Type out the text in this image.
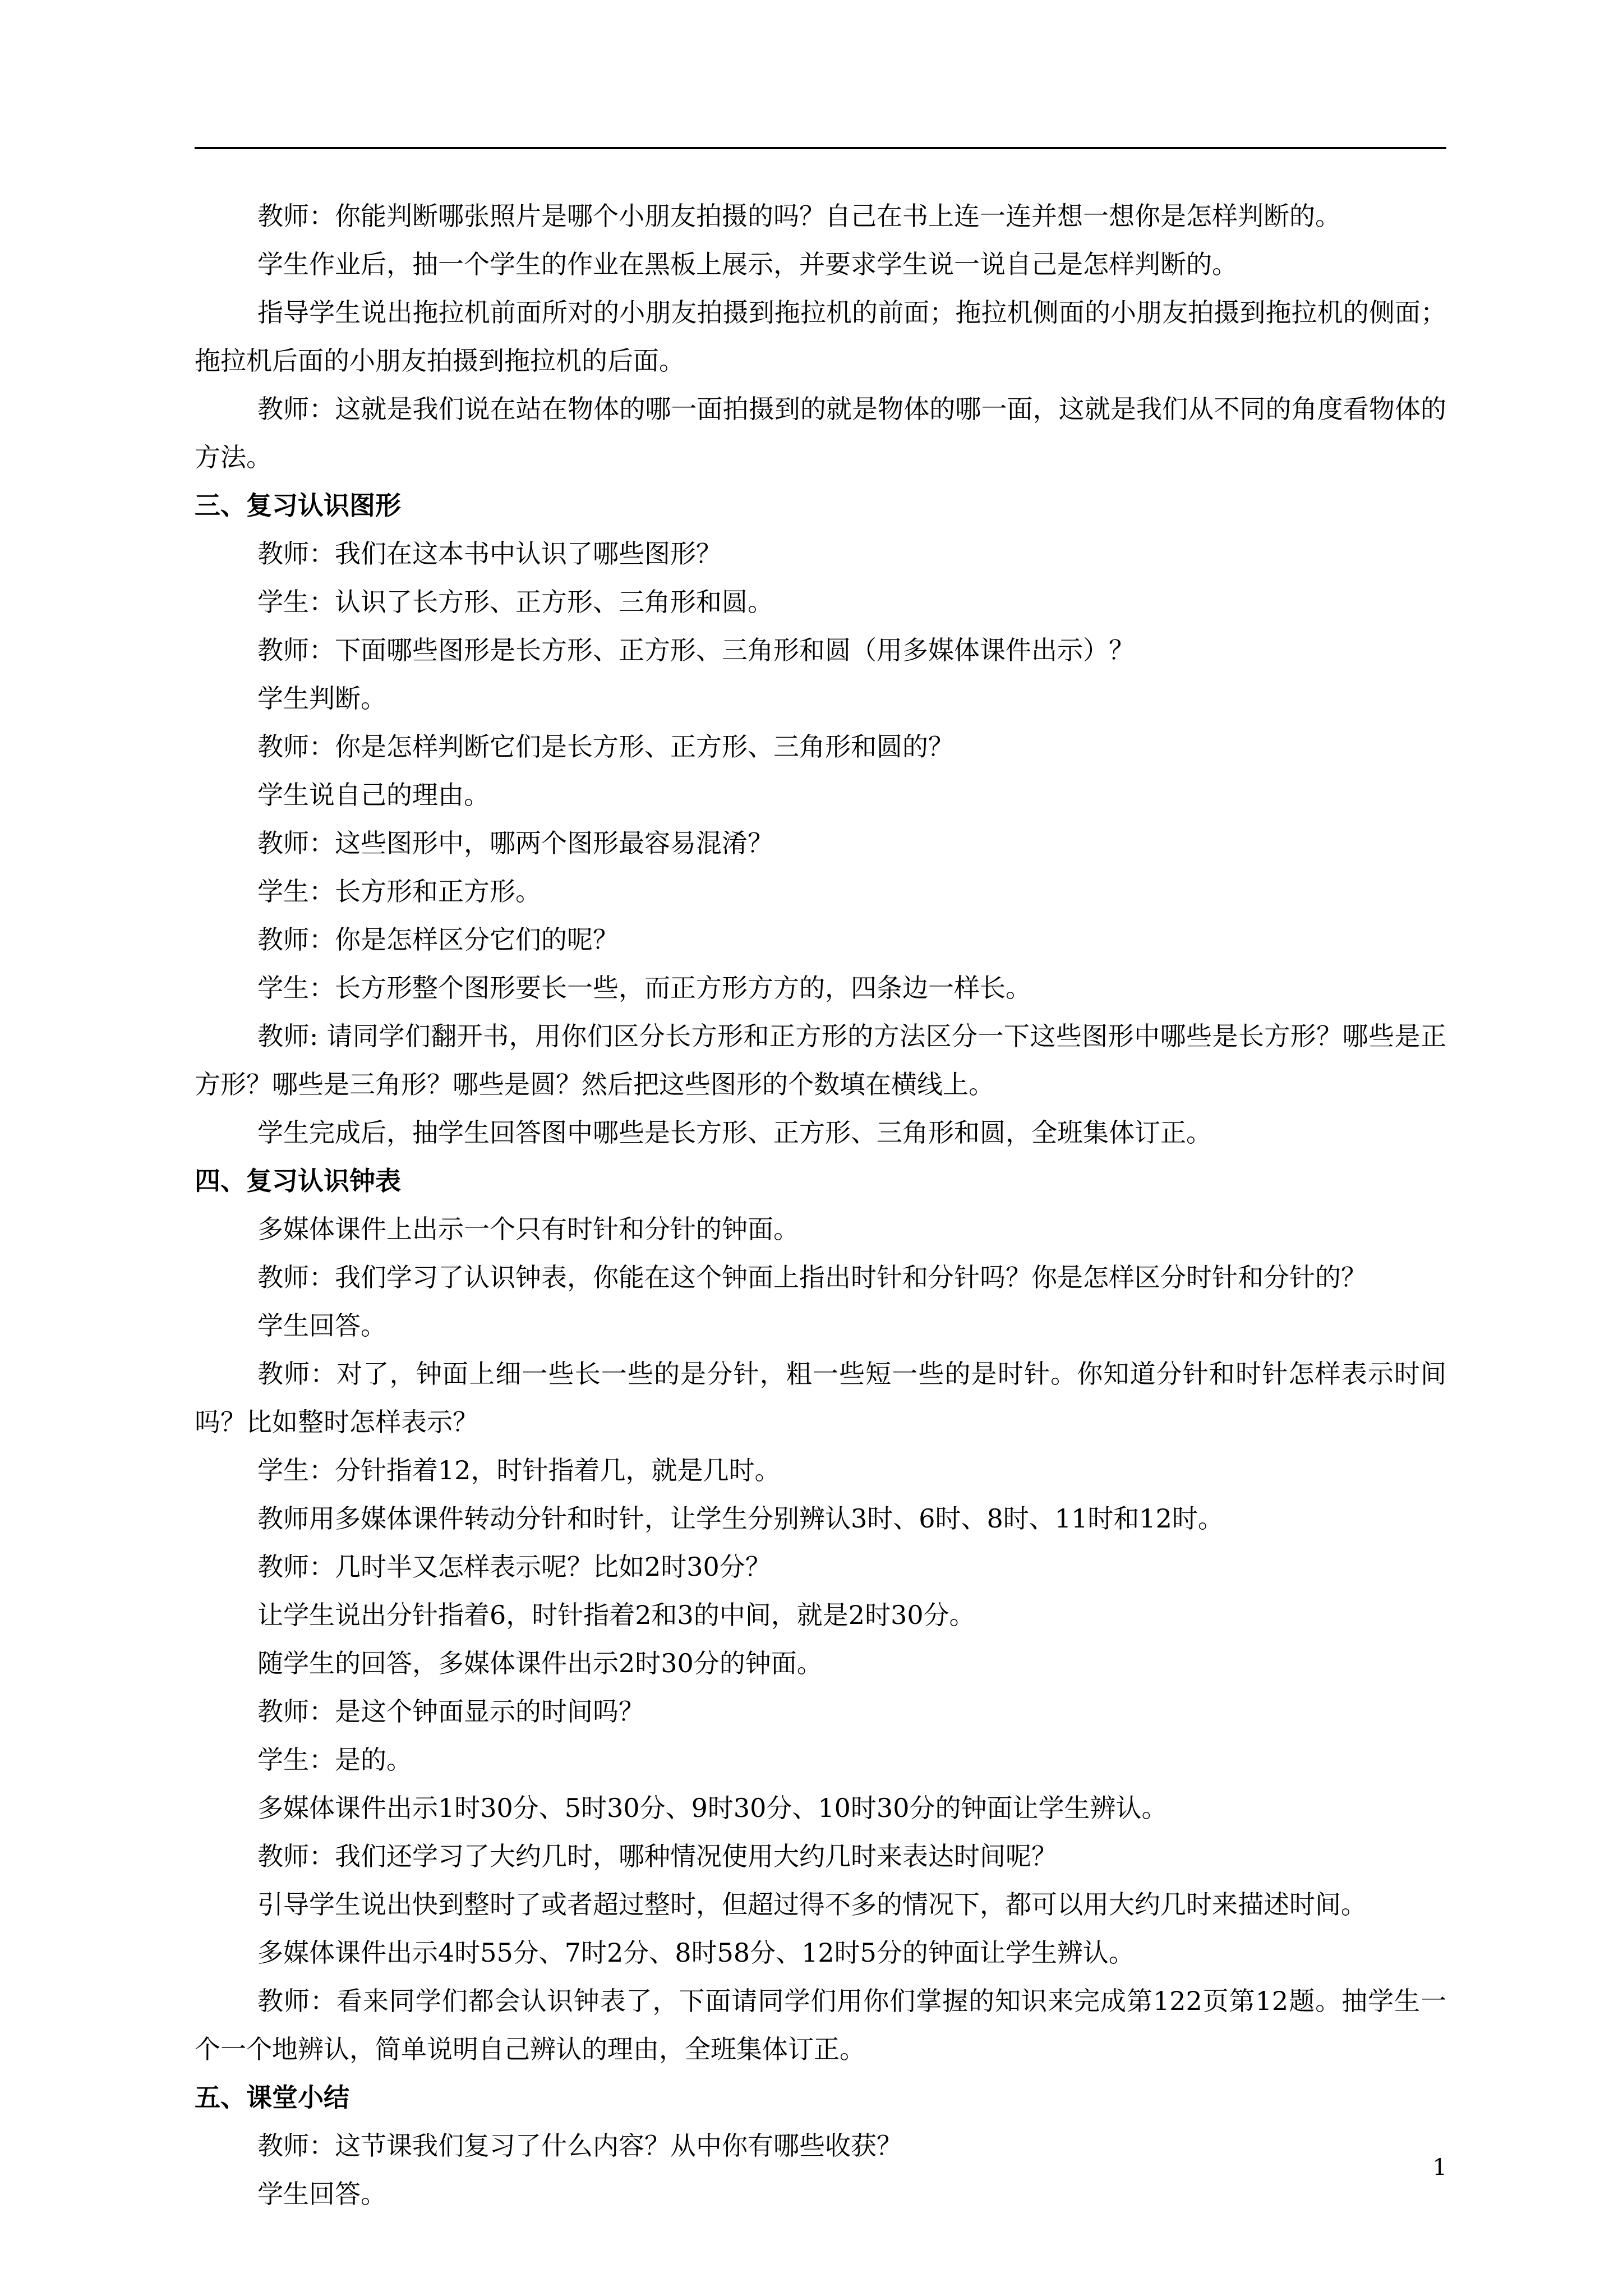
教师：你能判断哪张照片是哪个小朋友拍摄的吗？自己在书上连一连并想一想你是怎样判断的。

学生作业后，抽一个学生的作业在黑板上展示，并要求学生说一说自己是怎样判断的。

指导学生说出拖拉机前面所对的小朋友拍摄到拖拉机的前面；拖拉机侧面的小朋友拍摄到拖拉机的侧面；拖拉机后面的小朋友拍摄到拖拉机的后面。

教师：这就是我们说在站在物体的哪一面拍摄到的就是物体的哪一面，这就是我们从不同的角度看物体的方法。

三、复习认识图形

教师：我们在这本书中认识了哪些图形？

学生：认识了长方形、正方形、三角形和圆。

教师：下面哪些图形是长方形、正方形、三角形和圆（用多媒体课件出示）？

学生判断。

教师：你是怎样判断它们是长方形、正方形、三角形和圆的？

学生说自己的理由。

教师：这些图形中，哪两个图形最容易混淆？

学生：长方形和正方形。

教师：你是怎样区分它们的呢？

学生：长方形整个图形要长一些，而正方形方方的，四条边一样长。

教师: 请同学们翻开书，用你们区分长方形和正方形的方法区分一下这些图形中哪些是长方形？哪些是正方形？哪些是三角形？哪些是圆？然后把这些图形的个数填在横线上。

学生完成后，抽学生回答图中哪些是长方形、正方形、三角形和圆，全班集体订正。

四、复习认识钟表

多媒体课件上出示一个只有时针和分针的钟面。

教师：我们学习了认识钟表，你能在这个钟面上指出时针和分针吗？你是怎样区分时针和分针的？

学生回答。

教师：对了，钟面上细一些长一些的是分针，粗一些短一些的是时针。你知道分针和时针怎样表示时间吗？比如整时怎样表示？

学生：分针指着12，时针指着几，就是几时。

教师用多媒体课件转动分针和时针，让学生分别辨认3时、6时、8时、11时和12时。

教师：几时半又怎样表示呢？比如2时30分？

让学生说出分针指着6，时针指着2和3的中间，就是2时30分。

随学生的回答，多媒体课件出示2时30分的钟面。

教师：是这个钟面显示的时间吗？

学生：是的。

多媒体课件出示1时30分、5时30分、9时30分、10时30分的钟面让学生辨认。

教师：我们还学习了大约几时，哪种情况使用大约几时来表达时间呢？

引导学生说出快到整时了或者超过整时，但超过得不多的情况下，都可以用大约几时来描述时间。

多媒体课件出示4时55分、7时2分、8时58分、12时5分的钟面让学生辨认。

教师：看来同学们都会认识钟表了，下面请同学们用你们掌握的知识来完成第122页第12题。抽学生一个一个地辨认，简单说明自己辨认的理由，全班集体订正。

五、课堂小结

教师：这节课我们复习了什么内容？从中你有哪些收获？

学生回答。

1
